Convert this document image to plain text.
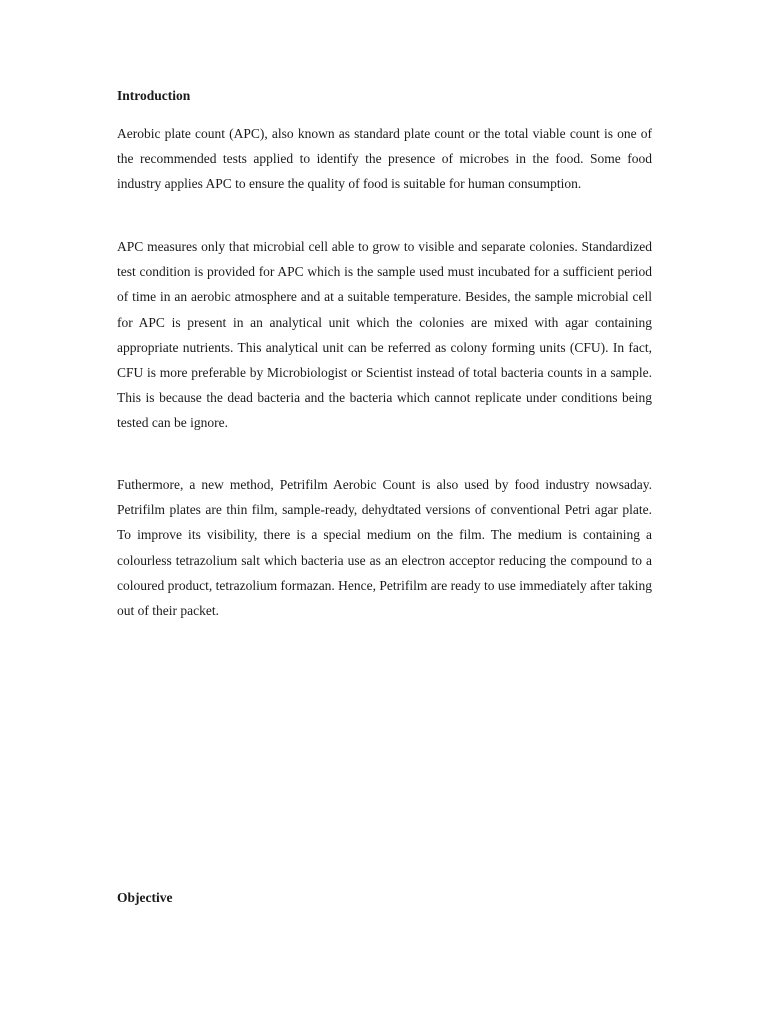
Introduction

Aerobic plate count (APC), also known as standard plate count or the total viable count is one of the recommended tests applied to identify the presence of microbes in the food. Some food industry applies APC to ensure the quality of food is suitable for human consumption.

APC measures only that microbial cell able to grow to visible and separate colonies. Standardized test condition is provided for APC which is the sample used must incubated for a sufficient period of time in an aerobic atmosphere and at a suitable temperature. Besides, the sample microbial cell for APC is present in an analytical unit which the colonies are mixed with agar containing appropriate nutrients. This analytical unit can be referred as colony forming units (CFU). In fact, CFU is more preferable by Microbiologist or Scientist instead of total bacteria counts in a sample. This is because the dead bacteria and the bacteria which cannot replicate under conditions being tested can be ignore.

Futhermore, a new method, Petrifilm Aerobic Count is also used by food industry nowsaday. Petrifilm plates are thin film, sample-ready, dehydtated versions of conventional Petri agar plate. To improve its visibility, there is a special medium on the film. The medium is containing a colourless tetrazolium salt which bacteria use as an electron acceptor reducing the compound to a coloured product, tetrazolium formazan. Hence, Petrifilm are ready to use immediately after taking out of their packet.

Objective
